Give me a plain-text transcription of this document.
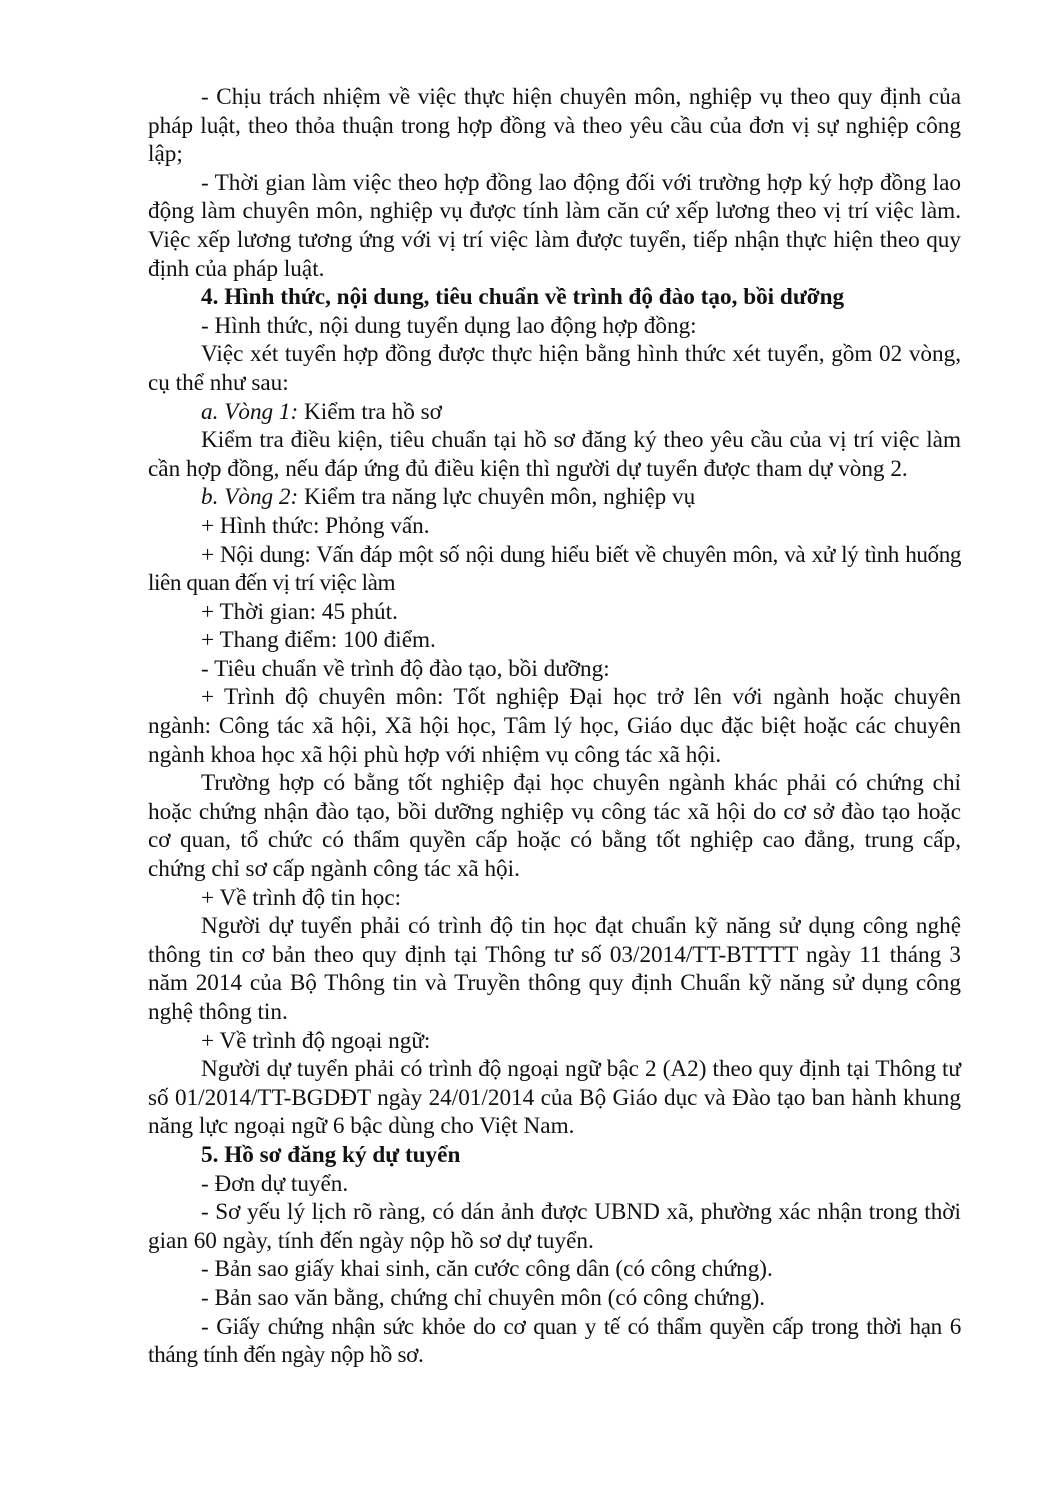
- Chịu trách nhiệm về việc thực hiện chuyên môn, nghiệp vụ theo quy định của pháp luật, theo thỏa thuận trong hợp đồng và theo yêu cầu của đơn vị sự nghiệp công lập;

- Thời gian làm việc theo hợp đồng lao động đối với trường hợp ký hợp đồng lao động làm chuyên môn, nghiệp vụ được tính làm căn cứ xếp lương theo vị trí việc làm. Việc xếp lương tương ứng với vị trí việc làm được tuyển, tiếp nhận thực hiện theo quy định của pháp luật.

4. Hình thức, nội dung, tiêu chuẩn về trình độ đào tạo, bồi dưỡng

- Hình thức, nội dung tuyển dụng lao động hợp đồng:

Việc xét tuyển hợp đồng được thực hiện bằng hình thức xét tuyển, gồm 02 vòng, cụ thể như sau:

a. Vòng 1: Kiểm tra hồ sơ

Kiểm tra điều kiện, tiêu chuẩn tại hồ sơ đăng ký theo yêu cầu của vị trí việc làm cần hợp đồng, nếu đáp ứng đủ điều kiện thì người dự tuyển được tham dự vòng 2.

b. Vòng 2: Kiểm tra năng lực chuyên môn, nghiệp vụ

+ Hình thức: Phỏng vấn.

+ Nội dung: Vấn đáp một số nội dung hiểu biết về chuyên môn, và xử lý tình huống liên quan đến vị trí việc làm

+ Thời gian: 45 phút.

+ Thang điểm: 100 điểm.

- Tiêu chuẩn về trình độ đào tạo, bồi dưỡng:

+ Trình độ chuyên môn: Tốt nghiệp Đại học trở lên với ngành hoặc chuyên ngành: Công tác xã hội, Xã hội học, Tâm lý học, Giáo dục đặc biệt hoặc các chuyên ngành khoa học xã hội phù hợp với nhiệm vụ công tác xã hội.

Trường hợp có bằng tốt nghiệp đại học chuyên ngành khác phải có chứng chỉ hoặc chứng nhận đào tạo, bồi dưỡng nghiệp vụ công tác xã hội do cơ sở đào tạo hoặc cơ quan, tổ chức có thẩm quyền cấp hoặc có bằng tốt nghiệp cao đẳng, trung cấp, chứng chỉ sơ cấp ngành công tác xã hội.

+ Về trình độ tin học:

Người dự tuyển phải có trình độ tin học đạt chuẩn kỹ năng sử dụng công nghệ thông tin cơ bản theo quy định tại Thông tư số 03/2014/TT-BTTTT ngày 11 tháng 3 năm 2014 của Bộ Thông tin và Truyền thông quy định Chuẩn kỹ năng sử dụng công nghệ thông tin.

+ Về trình độ ngoại ngữ:

Người dự tuyển phải có trình độ ngoại ngữ bậc 2 (A2) theo quy định tại Thông tư số 01/2014/TT-BGDĐT ngày 24/01/2014 của Bộ Giáo dục và Đào tạo ban hành khung năng lực ngoại ngữ 6 bậc dùng cho Việt Nam.

5. Hồ sơ đăng ký dự tuyển

- Đơn dự tuyển.

- Sơ yếu lý lịch rõ ràng, có dán ảnh được UBND xã, phường xác nhận trong thời gian 60 ngày, tính đến ngày nộp hồ sơ dự tuyển.

- Bản sao giấy khai sinh, căn cước công dân (có công chứng).

- Bản sao văn bằng, chứng chỉ chuyên môn (có công chứng).

- Giấy chứng nhận sức khỏe do cơ quan y tế có thẩm quyền cấp trong thời hạn 6 tháng tính đến ngày nộp hồ sơ.
